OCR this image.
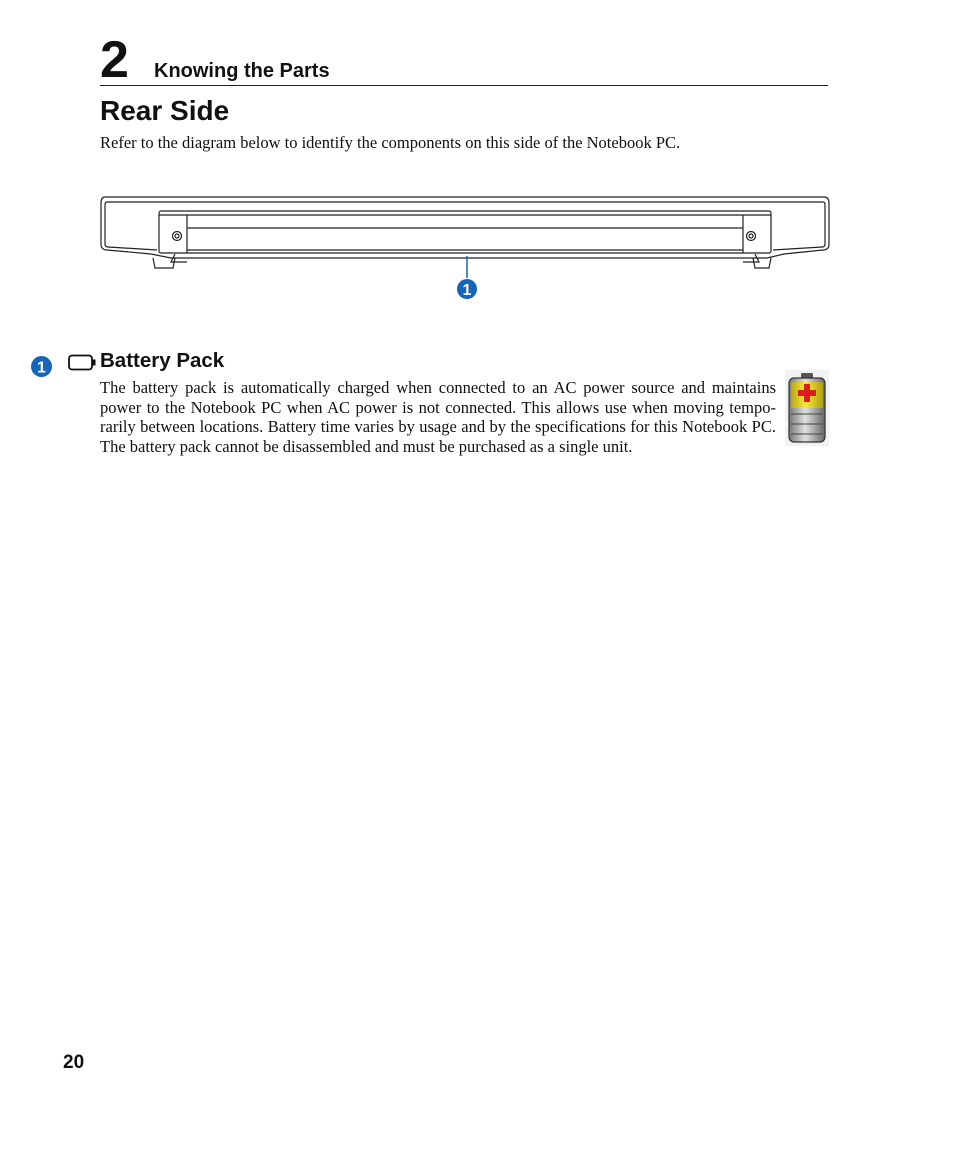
2 Knowing the Parts
Rear Side
Refer to the diagram below to identify the components on this side of the Notebook PC.
1
1	Battery Pack
The battery pack is automatically charged when connected to an AC power source and maintains power to the Notebook PC when AC power is not connected. This allows use when moving tempo-rarily between locations. Battery time varies by usage and by the specifications for this Notebook PC. The battery pack cannot be disassembled and must be purchased as a single unit.
20
